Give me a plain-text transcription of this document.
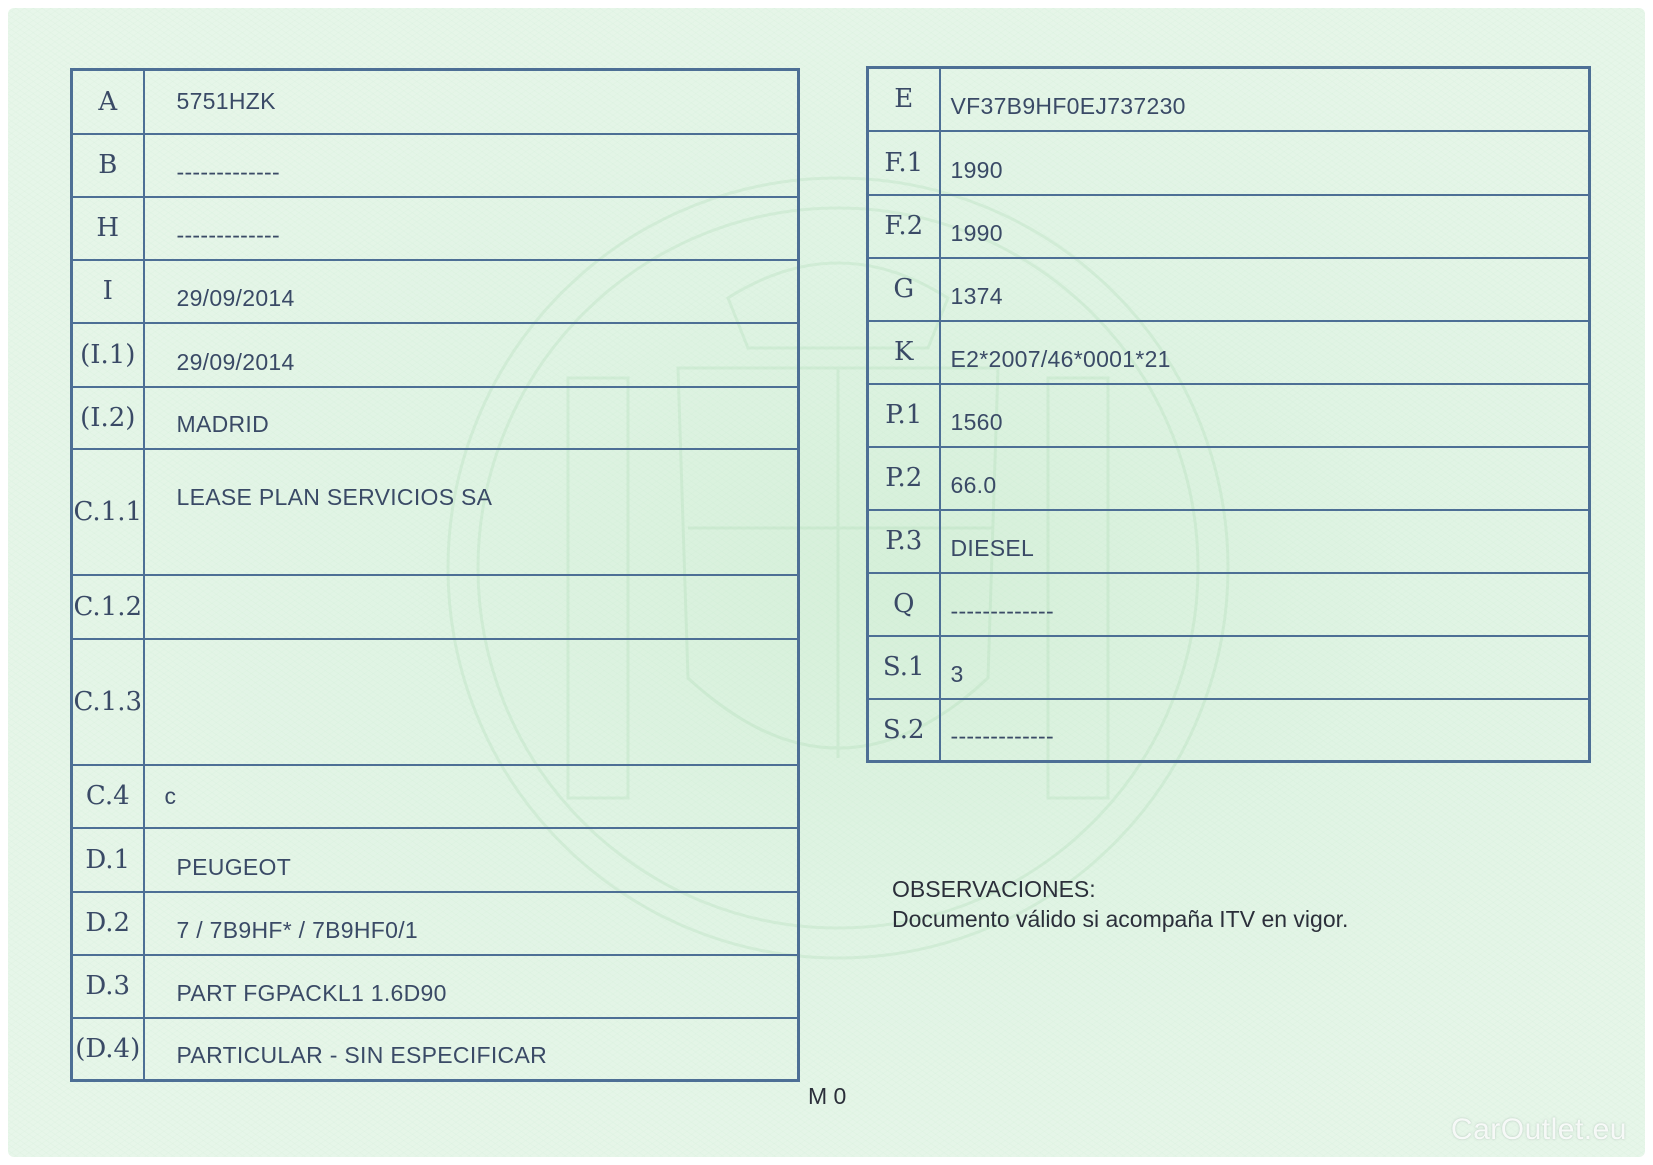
A	5751HZK
B	-------------
H	-------------
I	29/09/2014
(I.1)	29/09/2014
(I.2)	MADRID
C.1.1	LEASE PLAN SERVICIOS SA
C.1.2	
C.1.3	
C.4	c
D.1	PEUGEOT
D.2	7 / 7B9HF* / 7B9HF0/1
D.3	PART FGPACKL1 1.6D90
(D.4)	PARTICULAR - SIN ESPECIFICAR
E	VF37B9HF0EJ737230
F.1	1990
F.2	1990
G	1374
K	E2*2007/46*0001*21
P.1	1560
P.2	66.0
P.3	DIESEL
Q	-------------
S.1	3
S.2	-------------
OBSERVACIONES:
Documento válido si acompaña ITV en vigor.
M 0
CarOutlet.eu
